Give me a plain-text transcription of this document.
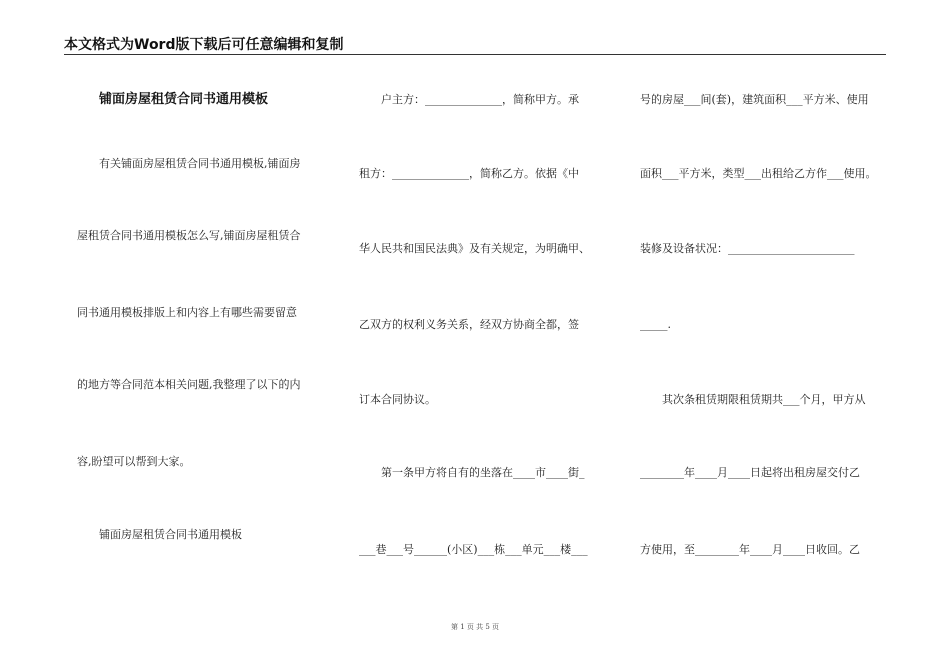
本文格式为Word版下载后可任意编辑和复制
铺面房屋租赁合同书通用模板
有关铺面房屋租赁合同书通用模板,铺面房
屋租赁合同书通用模板怎么写,铺面房屋租赁合
同书通用模板排版上和内容上有哪些需要留意
的地方等合同范本相关问题,我整理了以下的内
容,盼望可以帮到大家。
铺面房屋租赁合同书通用模板
户主方：______________，简称甲方。承
租方：______________，简称乙方。依据《中
华人民共和国民法典》及有关规定，为明确甲、
乙双方的权利义务关系，经双方协商全都，签
订本合同协议。
第一条甲方将自有的坐落在____市____街_
___巷___号______(小区)___栋___单元___楼___
号的房屋___间(套)，建筑面积___平方米、使用
面积___平方米，类型___出租给乙方作___使用。
装修及设备状况：_______________________
_____.
其次条租赁期限租赁期共___个月，甲方从
________年____月____日起将出租房屋交付乙
方使用，至________年____月____日收回。乙
第 1 页 共 5 页
